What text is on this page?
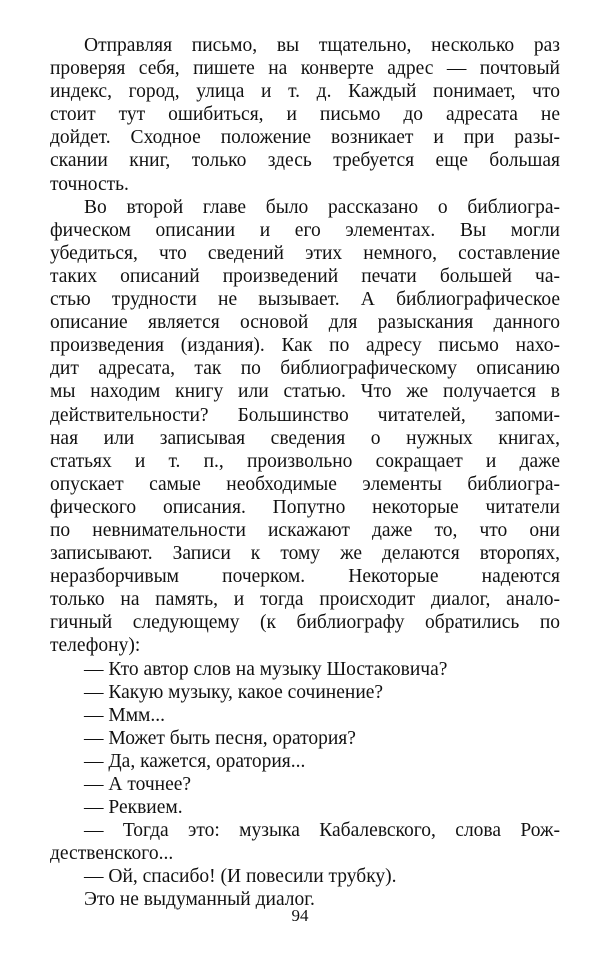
Отправляя письмо, вы тщательно, несколько раз
проверяя себя, пишете на конверте адрес — почтовый
индекс, город, улица и т. д. Каждый понимает, что
стоит тут ошибиться, и письмо до адресата не
дойдет. Сходное положение возникает и при разы-
скании книг, только здесь требуется еще большая
точность.
Во второй главе было рассказано о библиогра-
фическом описании и его элементах. Вы могли
убедиться, что сведений этих немного, составление
таких описаний произведений печати большей ча-
стью трудности не вызывает. А библиографическое
описание является основой для разыскания данного
произведения (издания). Как по адресу письмо нахо-
дит адресата, так по библиографическому описанию
мы находим книгу или статью. Что же получается в
действительности? Большинство читателей, запоми-
ная или записывая сведения о нужных книгах,
статьях и т. п., произвольно сокращает и даже
опускает самые необходимые элементы библиогра-
фического описания. Попутно некоторые читатели
по невнимательности искажают даже то, что они
записывают. Записи к тому же делаются второпях,
неразборчивым почерком. Некоторые надеются
только на память, и тогда происходит диалог, анало-
гичный следующему (к библиографу обратились по
телефону):
— Кто автор слов на музыку Шостаковича?
— Какую музыку, какое сочинение?
— Ммм...
— Может быть песня, оратория?
— Да, кажется, оратория...
— А точнее?
— Реквием.
— Тогда это: музыка Кабалевского, слова Рож-
дественского...
— Ой, спасибо! (И повесили трубку).
Это не выдуманный диалог.
94
